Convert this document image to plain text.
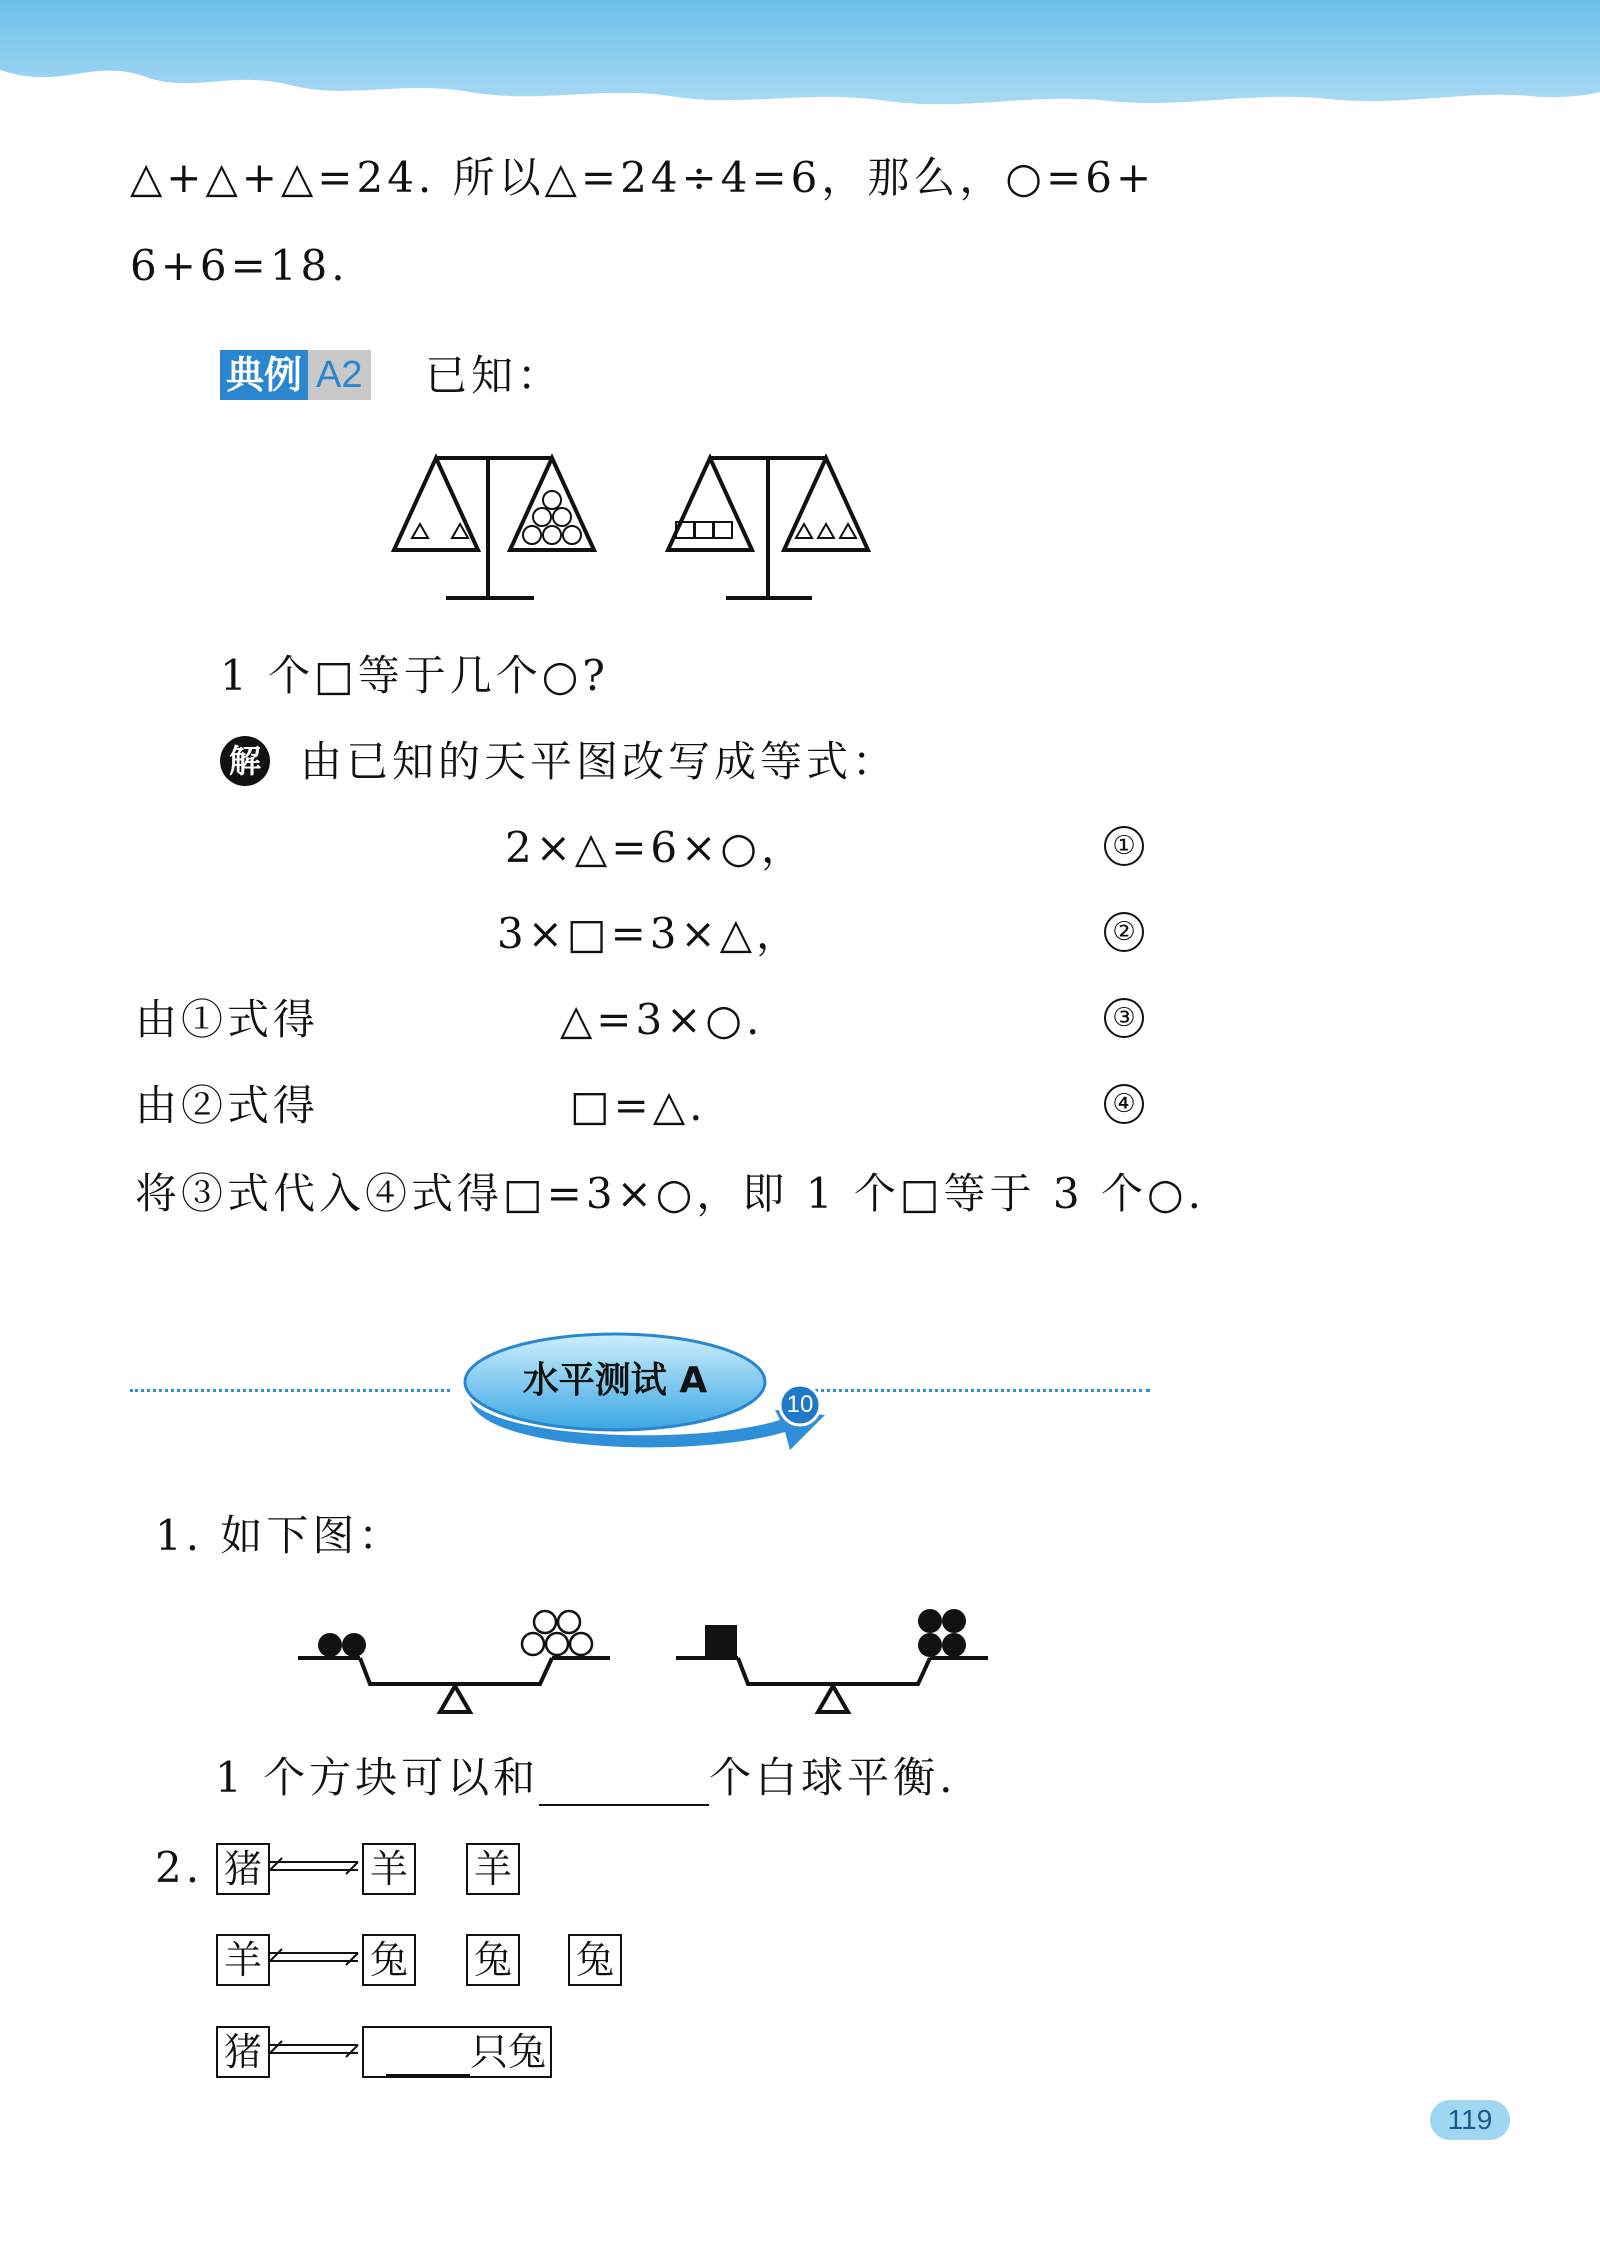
△+△+△=24. 所以△=24÷4=6，那么，○=6+
6+6=18.
典例 A2 已知：
1 个□等于几个○?
解 由已知的天平图改写成等式：
2×△=6×○，	①
3×□=3×△，	②
由①式得	△=3×○.	③
由②式得	□=△.	④
将③式代入④式得□=3×○，即 1 个□等于 3 个○.
水平测试 A
10
1. 如下图：
1 个方块可以和	个白球平衡.
2. 猪	羊 羊
羊	兔 兔 兔
猪	只兔
119
